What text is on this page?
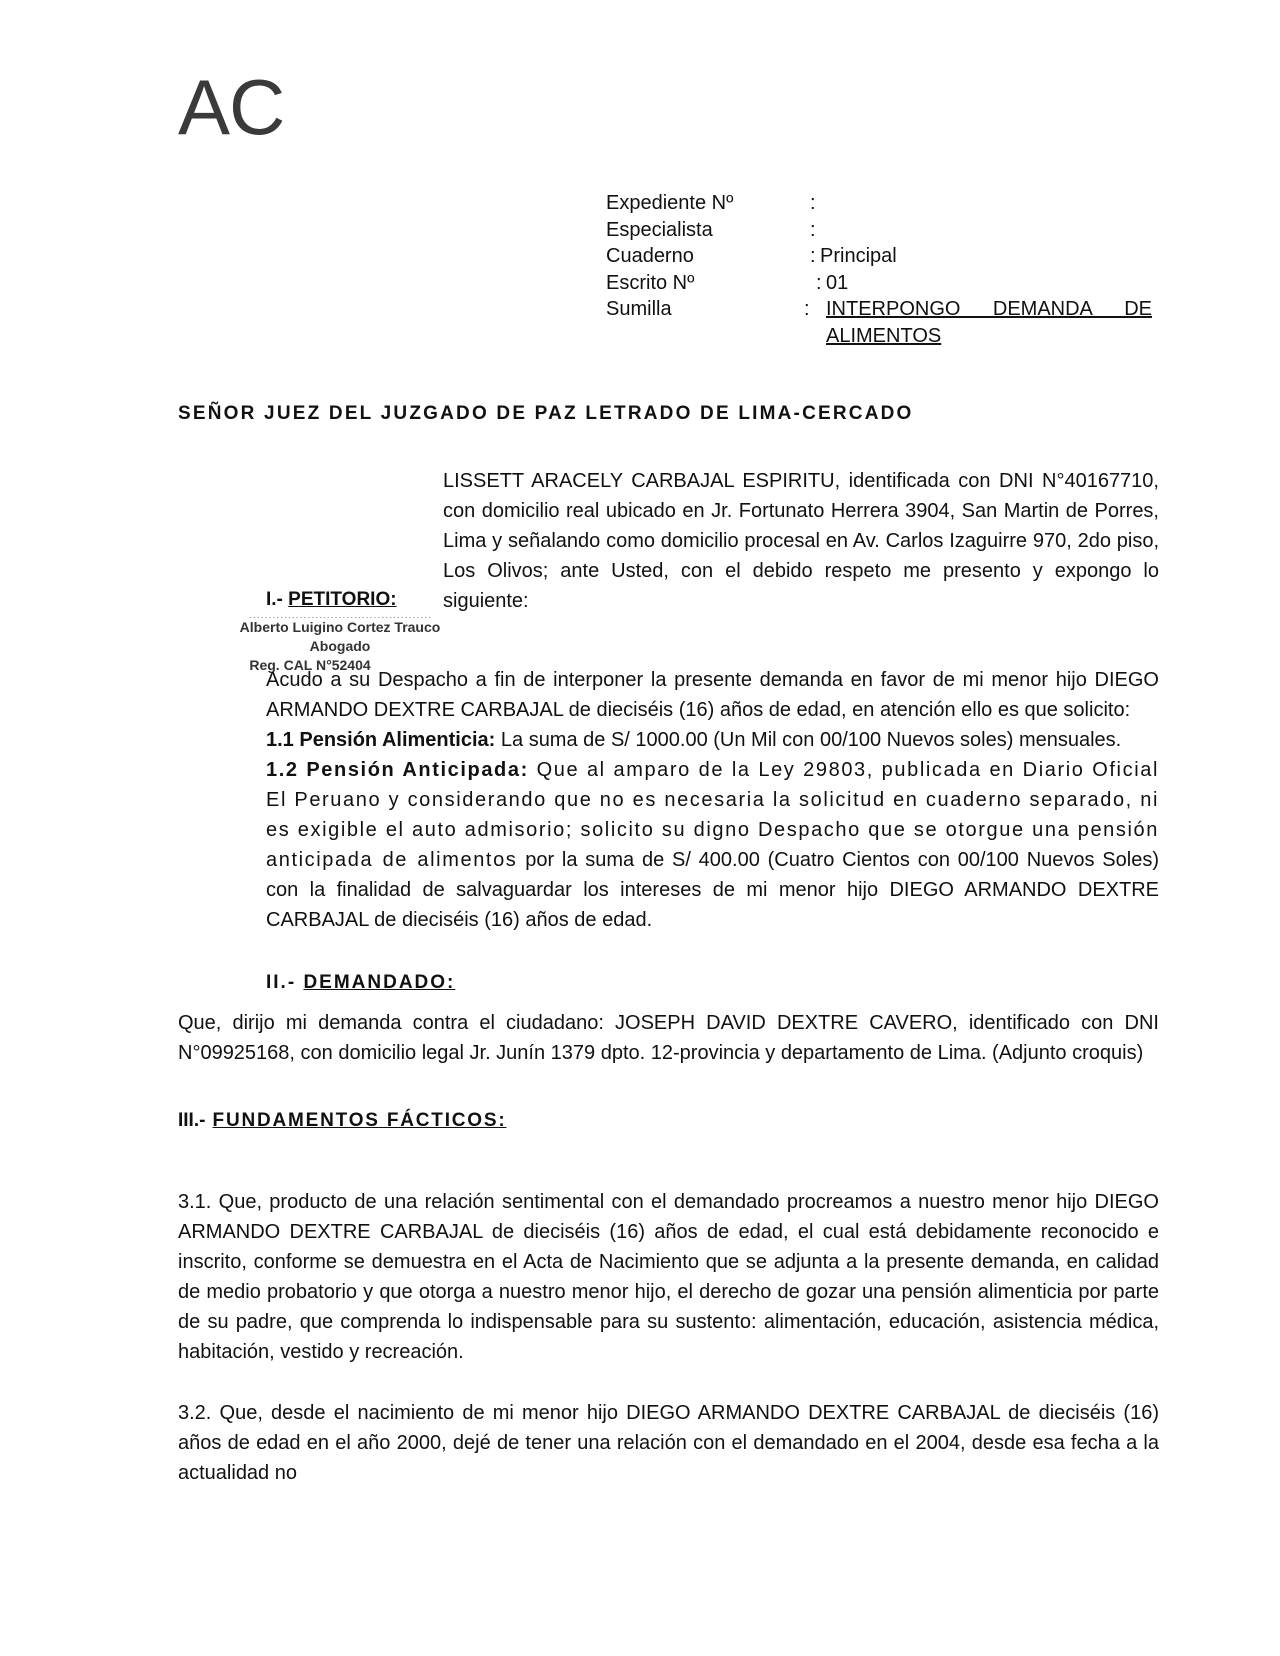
AC
Expediente Nº	:
Especialista	:
Cuaderno	: Principal
Escrito Nº	: 01
Sumilla	: INTERPONGO DEMANDA DE
ALIMENTOS
SEÑOR JUEZ DEL JUZGADO DE PAZ LETRADO DE LIMA-CERCADO
LISSETT ARACELY CARBAJAL ESPIRITU, identificada con DNI N°40167710, con domicilio real ubicado en Jr. Fortunato Herrera 3904, San Martin de Porres, Lima y señalando como domicilio procesal en Av. Carlos Izaguirre 970, 2do piso, Los Olivos; ante Usted, con el debido respeto me presento y expongo lo siguiente:
I.- PETITORIO:
...............................................
Alberto Luigino Cortez Trauco
Abogado
Reg. CAL N°52404
Acudo a su Despacho a fin de interponer la presente demanda en favor de mi menor hijo DIEGO ARMANDO DEXTRE CARBAJAL de dieciséis (16) años de edad, en atención ello es que solicito:
1.1 Pensión Alimenticia: La suma de S/ 1000.00 (Un Mil con 00/100 Nuevos soles) mensuales.
1.2 Pensión Anticipada: Que al amparo de la Ley 29803, publicada en Diario Oficial El Peruano y considerando que no es necesaria la solicitud en cuaderno separado, ni es exigible el auto admisorio; solicito su digno Despacho que se otorgue una pensión anticipada de alimentos por la suma de S/ 400.00 (Cuatro Cientos con 00/100 Nuevos Soles) con la finalidad de salvaguardar los intereses de mi menor hijo DIEGO ARMANDO DEXTRE CARBAJAL de dieciséis (16) años de edad.
II.- DEMANDADO:
Que, dirijo mi demanda contra el ciudadano: JOSEPH DAVID DEXTRE CAVERO, identificado con DNI N°09925168, con domicilio legal Jr. Junín 1379 dpto. 12-provincia y departamento de Lima. (Adjunto croquis)
III.- FUNDAMENTOS FÁCTICOS:
3.1. Que, producto de una relación sentimental con el demandado procreamos a nuestro menor hijo DIEGO ARMANDO DEXTRE CARBAJAL de dieciséis (16) años de edad, el cual está debidamente reconocido e inscrito, conforme se demuestra en el Acta de Nacimiento que se adjunta a la presente demanda, en calidad de medio probatorio y que otorga a nuestro menor hijo, el derecho de gozar una pensión alimenticia por parte de su padre, que comprenda lo indispensable para su sustento: alimentación, educación, asistencia médica, habitación, vestido y recreación.
3.2. Que, desde el nacimiento de mi menor hijo DIEGO ARMANDO DEXTRE CARBAJAL de dieciséis (16) años de edad en el año 2000, dejé de tener una relación con el demandado en el 2004, desde esa fecha a la actualidad no
